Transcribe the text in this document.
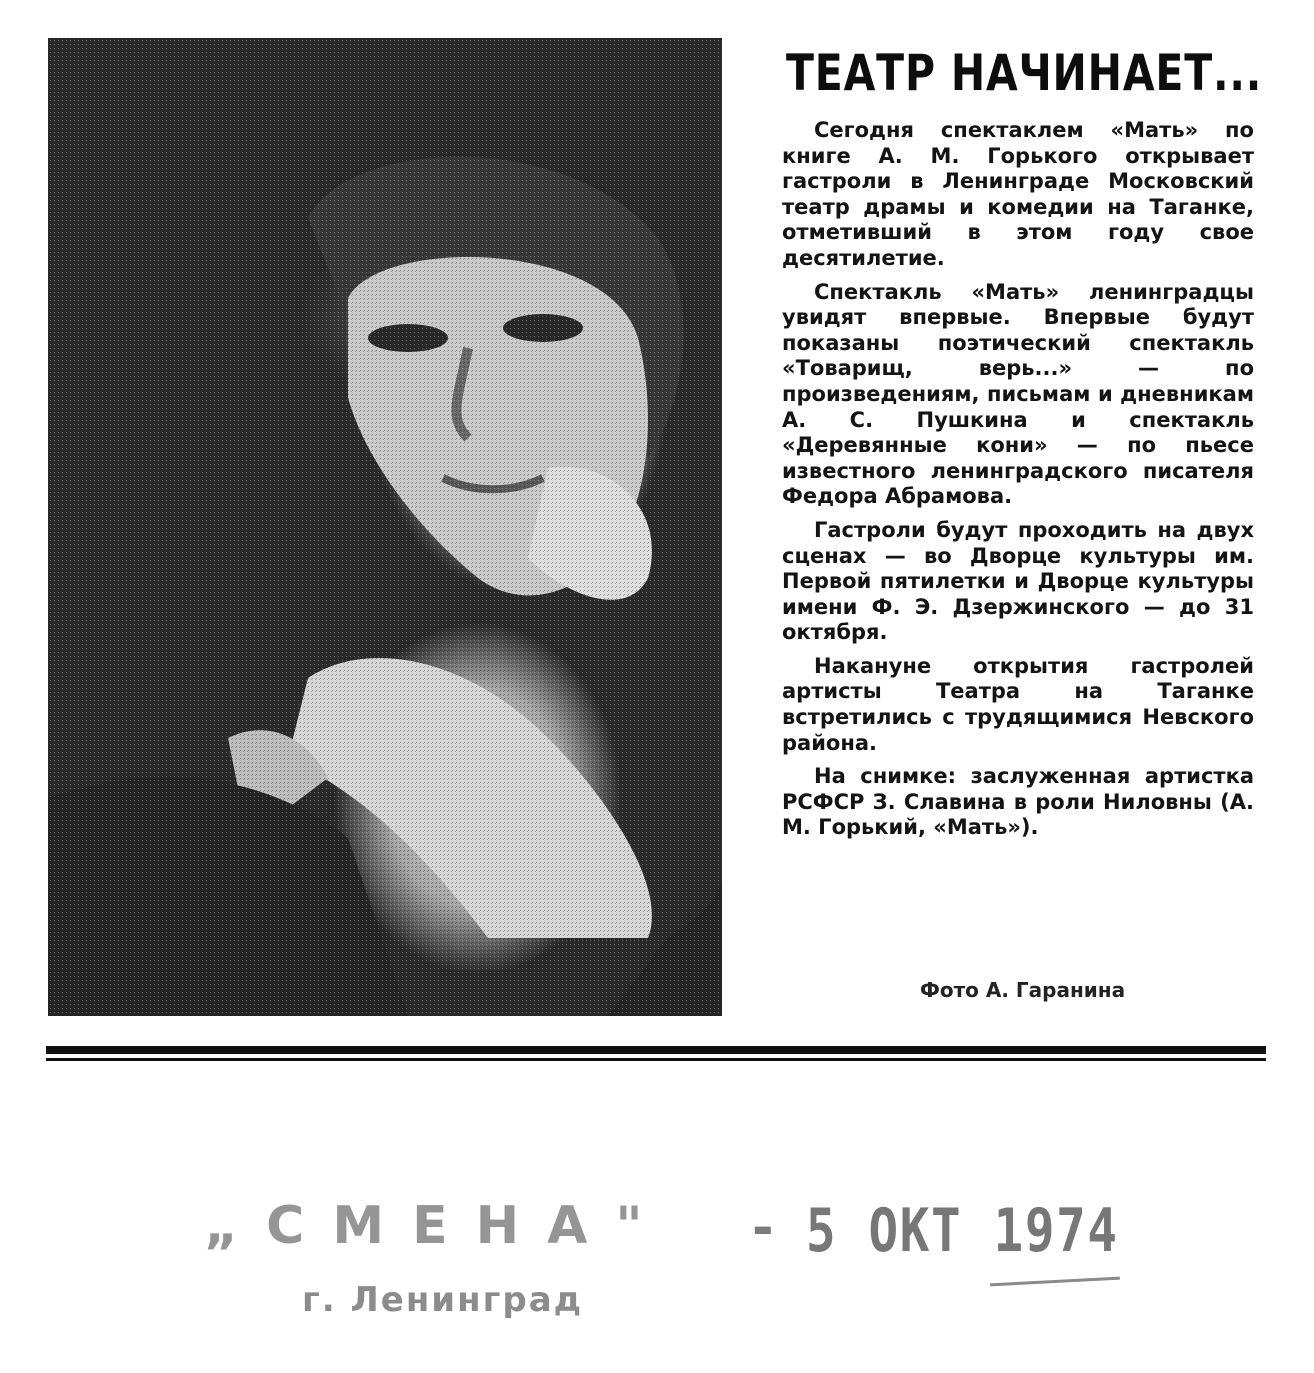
ТЕАТР НАЧИНАЕТ...

Сегодня спектаклем «Мать» по книге А. М. Горького открывает гастроли в Ленинграде Московский театр драмы и комедии на Таганке, отметивший в этом году свое десятилетие.

Спектакль «Мать» ленинградцы увидят впервые. Впервые будут показаны поэтический спектакль «Товарищ, верь...» — по произведениям, письмам и дневникам А. С. Пушкина и спектакль «Деревянные кони» — по пьесе известного ленинградского писателя Федора Абрамова.

Гастроли будут проходить на двух сценах — во Дворце культуры им. Первой пятилетки и Дворце культуры имени Ф. Э. Дзержинского — до 31 октября.

Накануне открытия гастролей артисты Театра на Таганке встретились с трудящимися Невского района.

На снимке: заслуженная артистка РСФСР З. Славина в роли Ниловны (А. М. Горький, «Мать»).

Фото А. Гаранина
„СМЕНА" - 5 ОКТ 1974
г. Ленинград
